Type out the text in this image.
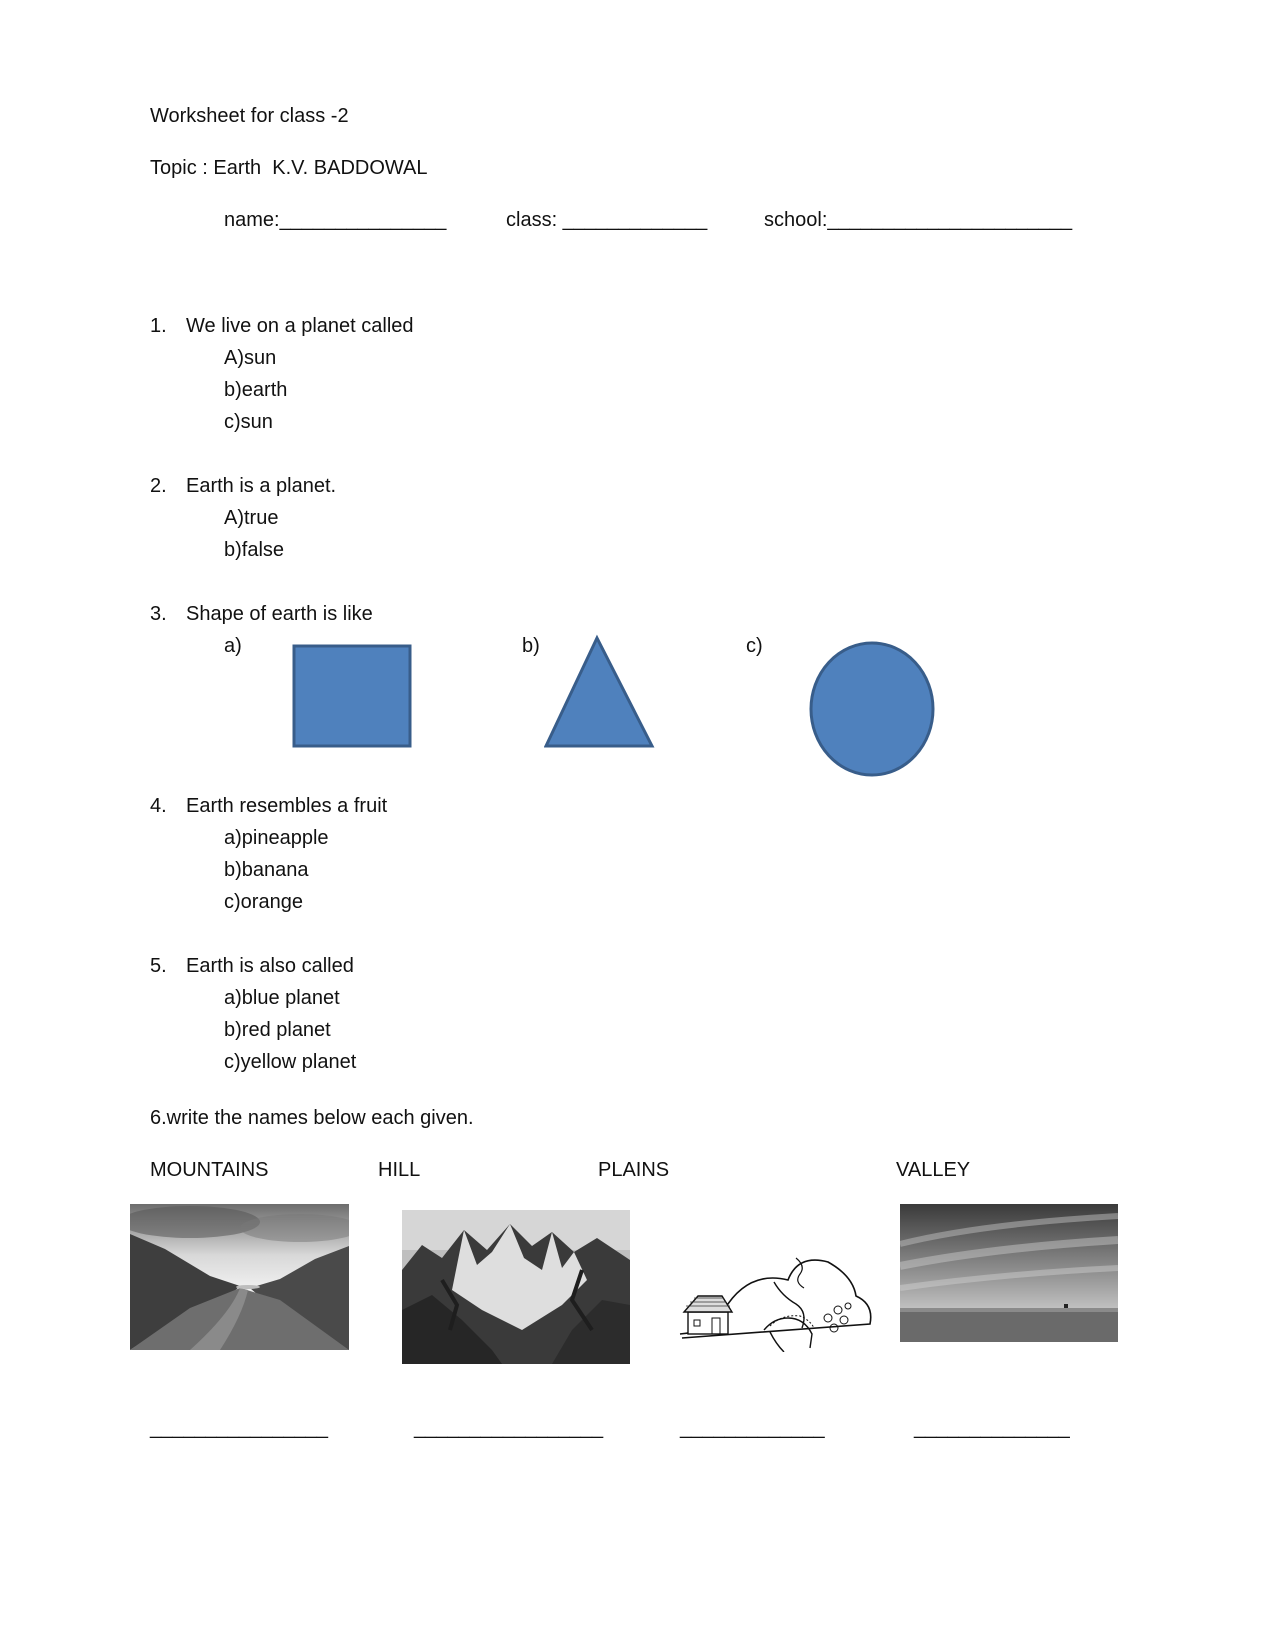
Worksheet for class -2
Topic : Earth  K.V. BADDOWAL
name:_______________	class: _____________	school:______________________
1. We live on a planet called
A)sun
b)earth
c)sun
2. Earth is a planet.
A)true
b)false
3. Shape of earth is like
a)	b)	c)
4. Earth resembles a fruit
a)pineapple
b)banana
c)orange
5. Earth is also called
a)blue planet
b)red planet
c)yellow planet
6.write the names below each given.
MOUNTAINS	HILL	PLAINS	VALLEY
________________	_________________	_____________	______________
